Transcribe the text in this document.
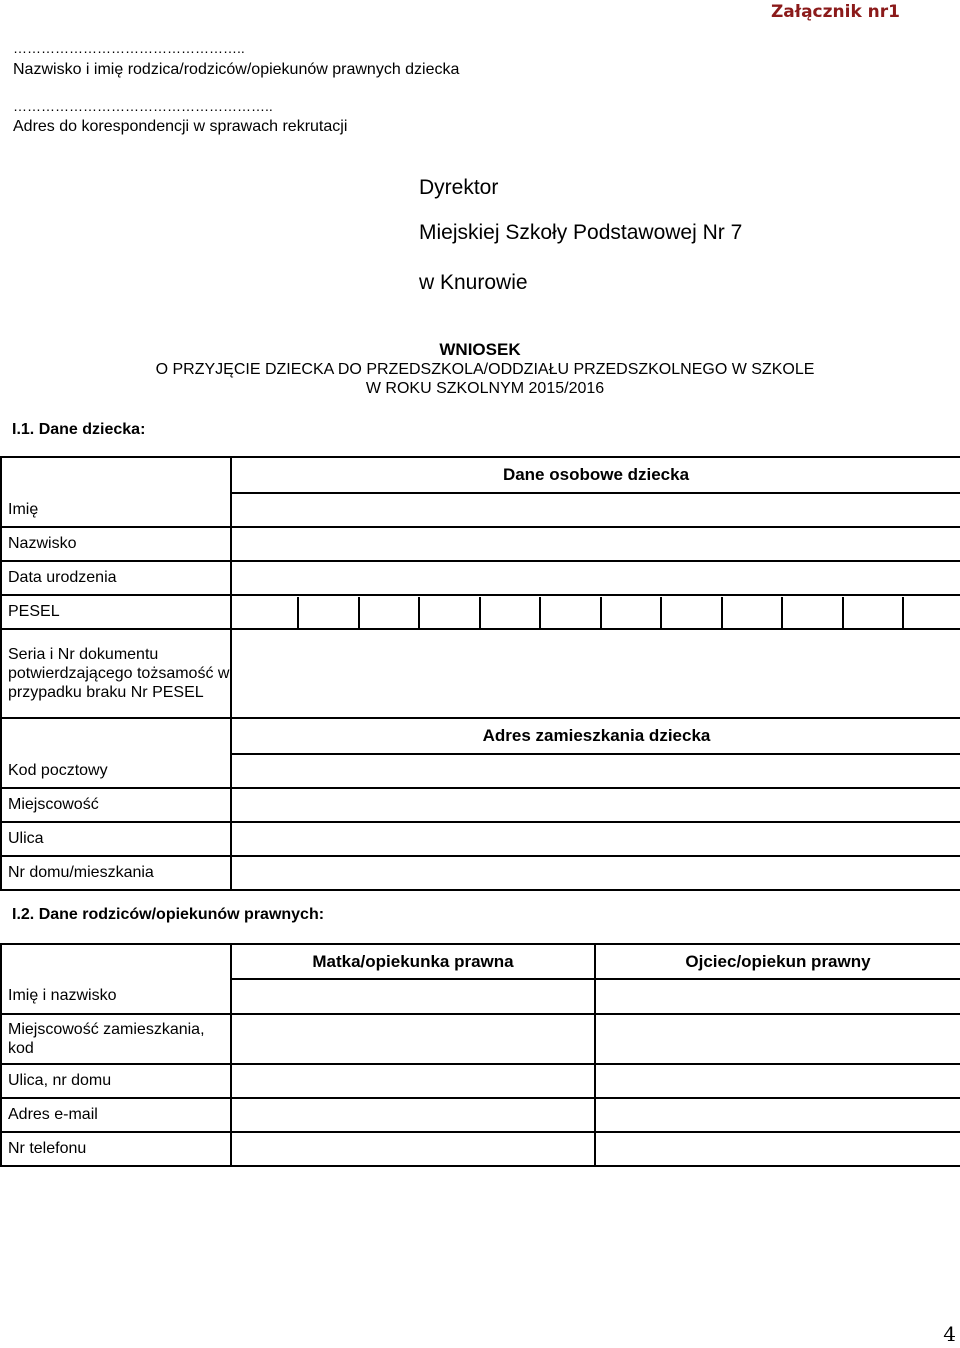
Załącznik nr1
…………………………………………..
Nazwisko i imię rodzica/rodziców/opiekunów prawnych dziecka
………………………………………………..
Adres do korespondencji w sprawach rekrutacji
Dyrektor
Miejskiej Szkoły Podstawowej Nr 7
w Knurowie
WNIOSEK
O PRZYJĘCIE DZIECKA DO PRZEDSZKOLA/ODDZIAŁU PRZEDSZKOLNEGO W SZKOLE
W ROKU SZKOLNYM 2015/2016
I.1. Dane dziecka:
	Dane osobowe dziecka
Imię	
Nazwisko	
Data urodzenia	
PESEL	

Seria i Nr dokumentu potwierdzającego tożsamość w przypadku braku Nr PESEL	
	Adres zamieszkania dziecka
Kod pocztowy	
Miejscowość	
Ulica	
Nr domu/mieszkania	
I.2. Dane rodziców/opiekunów prawnych:
	Matka/opiekunka prawna	Ojciec/opiekun prawny
Imię i nazwisko		
Miejscowość zamieszkania, kod		
Ulica, nr domu		
Adres e-mail		
Nr telefonu		
4
